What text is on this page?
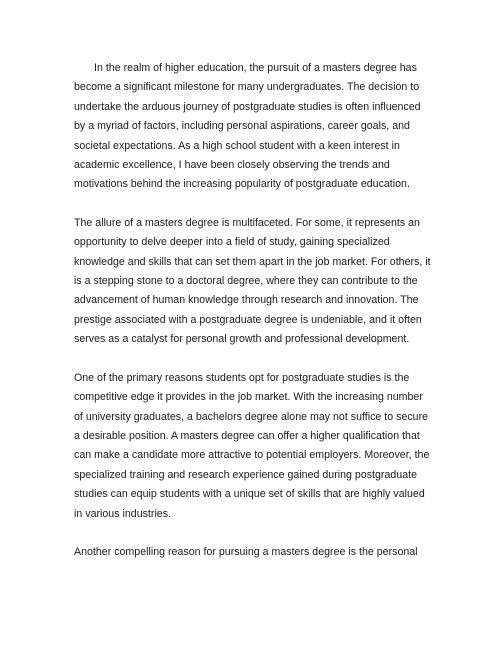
In the realm of higher education, the pursuit of a masters degree has become a significant milestone for many undergraduates. The decision to undertake the arduous journey of postgraduate studies is often influenced by a myriad of factors, including personal aspirations, career goals, and societal expectations. As a high school student with a keen interest in academic excellence, I have been closely observing the trends and motivations behind the increasing popularity of postgraduate education.

The allure of a masters degree is multifaceted. For some, it represents an opportunity to delve deeper into a field of study, gaining specialized knowledge and skills that can set them apart in the job market. For others, it is a stepping stone to a doctoral degree, where they can contribute to the advancement of human knowledge through research and innovation. The prestige associated with a postgraduate degree is undeniable, and it often serves as a catalyst for personal growth and professional development.

One of the primary reasons students opt for postgraduate studies is the competitive edge it provides in the job market. With the increasing number of university graduates, a bachelors degree alone may not suffice to secure a desirable position. A masters degree can offer a higher qualification that can make a candidate more attractive to potential employers. Moreover, the specialized training and research experience gained during postgraduate studies can equip students with a unique set of skills that are highly valued in various industries.

Another compelling reason for pursuing a masters degree is the personal
